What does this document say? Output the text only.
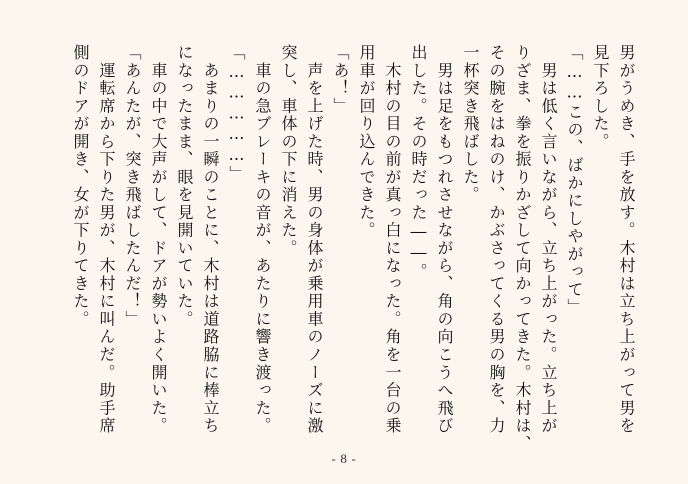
男がうめき、手を放す。木村は立ち上がって男を
見下ろした。
「……この、ばかにしやがって」
　男は低く言いながら、立ち上がった。立ち上が
りざま、拳を振りかざして向かってきた。木村は、
その腕をはねのけ、かぶさってくる男の胸を、力
一杯突き飛ばした。
　男は足をもつれさせながら、角の向こうへ飛び
出した。その時だった――。
　木村の目の前が真っ白になった。角を一台の乗
用車が回り込んできた。
「あ！」
　声を上げた時、男の身体が乗用車のノーズに激
突し、車体の下に消えた。
　車の急ブレーキの音が、あたりに響き渡った。
「……………」
　あまりの一瞬のことに、木村は道路脇に棒立ち
になったまま、眼を見開いていた。
　車の中で大声がして、ドアが勢いよく開いた。
「あんたが、突き飛ばしたんだ！」
　運転席から下りた男が、木村に叫んだ。助手席
側のドアが開き、女が下りてきた。
- 8 -
